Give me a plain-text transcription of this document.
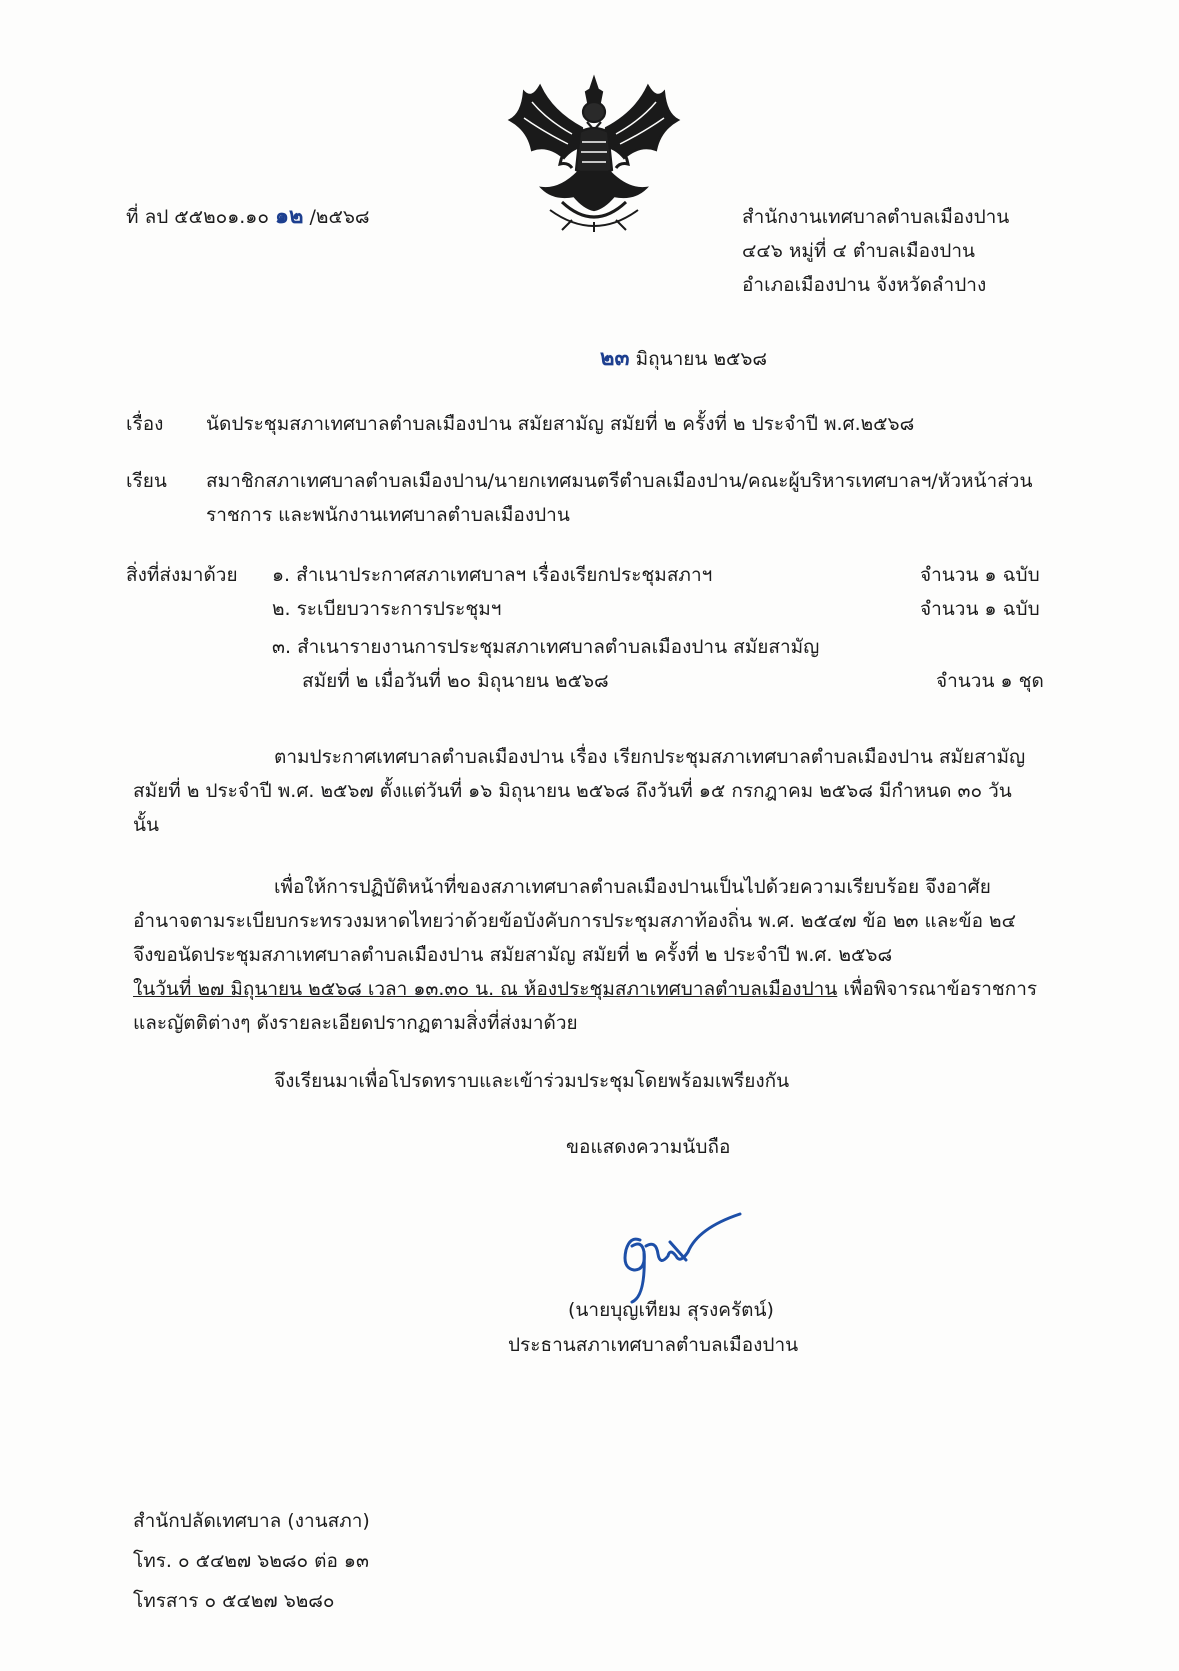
ที่ ลป ๕๕๒๐๑.๑๐ ๑๒ /๒๕๖๘	สำนักงานเทศบาลตำบลเมืองปาน
๔๔๖ หมู่ที่ ๔ ตำบลเมืองปาน
อำเภอเมืองปาน จังหวัดลำปาง
๒๓ มิถุนายน ๒๕๖๘
เรื่อง นัดประชุมสภาเทศบาลตำบลเมืองปาน สมัยสามัญ สมัยที่ ๒ ครั้งที่ ๒ ประจำปี พ.ศ.๒๕๖๘
เรียน สมาชิกสภาเทศบาลตำบลเมืองปาน/นายกเทศมนตรีตำบลเมืองปาน/คณะผู้บริหารเทศบาลฯ/หัวหน้าส่วน
ราชการ และพนักงานเทศบาลตำบลเมืองปาน
สิ่งที่ส่งมาด้วย ๑. สำเนาประกาศสภาเทศบาลฯ เรื่องเรียกประชุมสภาฯ	จำนวน ๑ ฉบับ
๒. ระเบียบวาระการประชุมฯ	จำนวน ๑ ฉบับ
๓. สำเนารายงานการประชุมสภาเทศบาลตำบลเมืองปาน สมัยสามัญ
สมัยที่ ๒ เมื่อวันที่ ๒๐ มิถุนายน ๒๕๖๘	จำนวน ๑ ชุด
ตามประกาศเทศบาลตำบลเมืองปาน เรื่อง เรียกประชุมสภาเทศบาลตำบลเมืองปาน สมัยสามัญ
สมัยที่ ๒ ประจำปี พ.ศ. ๒๕๖๗ ตั้งแต่วันที่ ๑๖ มิถุนายน ๒๕๖๘ ถึงวันที่ ๑๕ กรกฎาคม ๒๕๖๘ มีกำหนด ๓๐ วัน
นั้น
เพื่อให้การปฏิบัติหน้าที่ของสภาเทศบาลตำบลเมืองปานเป็นไปด้วยความเรียบร้อย จึงอาศัย
อำนาจตามระเบียบกระทรวงมหาดไทยว่าด้วยข้อบังคับการประชุมสภาท้องถิ่น พ.ศ. ๒๕๔๗ ข้อ ๒๓ และข้อ ๒๔
จึงขอนัดประชุมสภาเทศบาลตำบลเมืองปาน สมัยสามัญ สมัยที่ ๒ ครั้งที่ ๒ ประจำปี พ.ศ. ๒๕๖๘
ในวันที่ ๒๗ มิถุนายน ๒๕๖๘ เวลา ๑๓.๓๐ น. ณ ห้องประชุมสภาเทศบาลตำบลเมืองปาน เพื่อพิจารณาข้อราชการ
และญัตติต่างๆ ดังรายละเอียดปรากฏตามสิ่งที่ส่งมาด้วย
จึงเรียนมาเพื่อโปรดทราบและเข้าร่วมประชุมโดยพร้อมเพรียงกัน
ขอแสดงความนับถือ
(นายบุญเทียม สุรงครัตน์)
ประธานสภาเทศบาลตำบลเมืองปาน
สำนักปลัดเทศบาล (งานสภา)
โทร. ๐ ๕๔๒๗ ๖๒๘๐ ต่อ ๑๓
โทรสาร ๐ ๕๔๒๗ ๖๒๘๐
